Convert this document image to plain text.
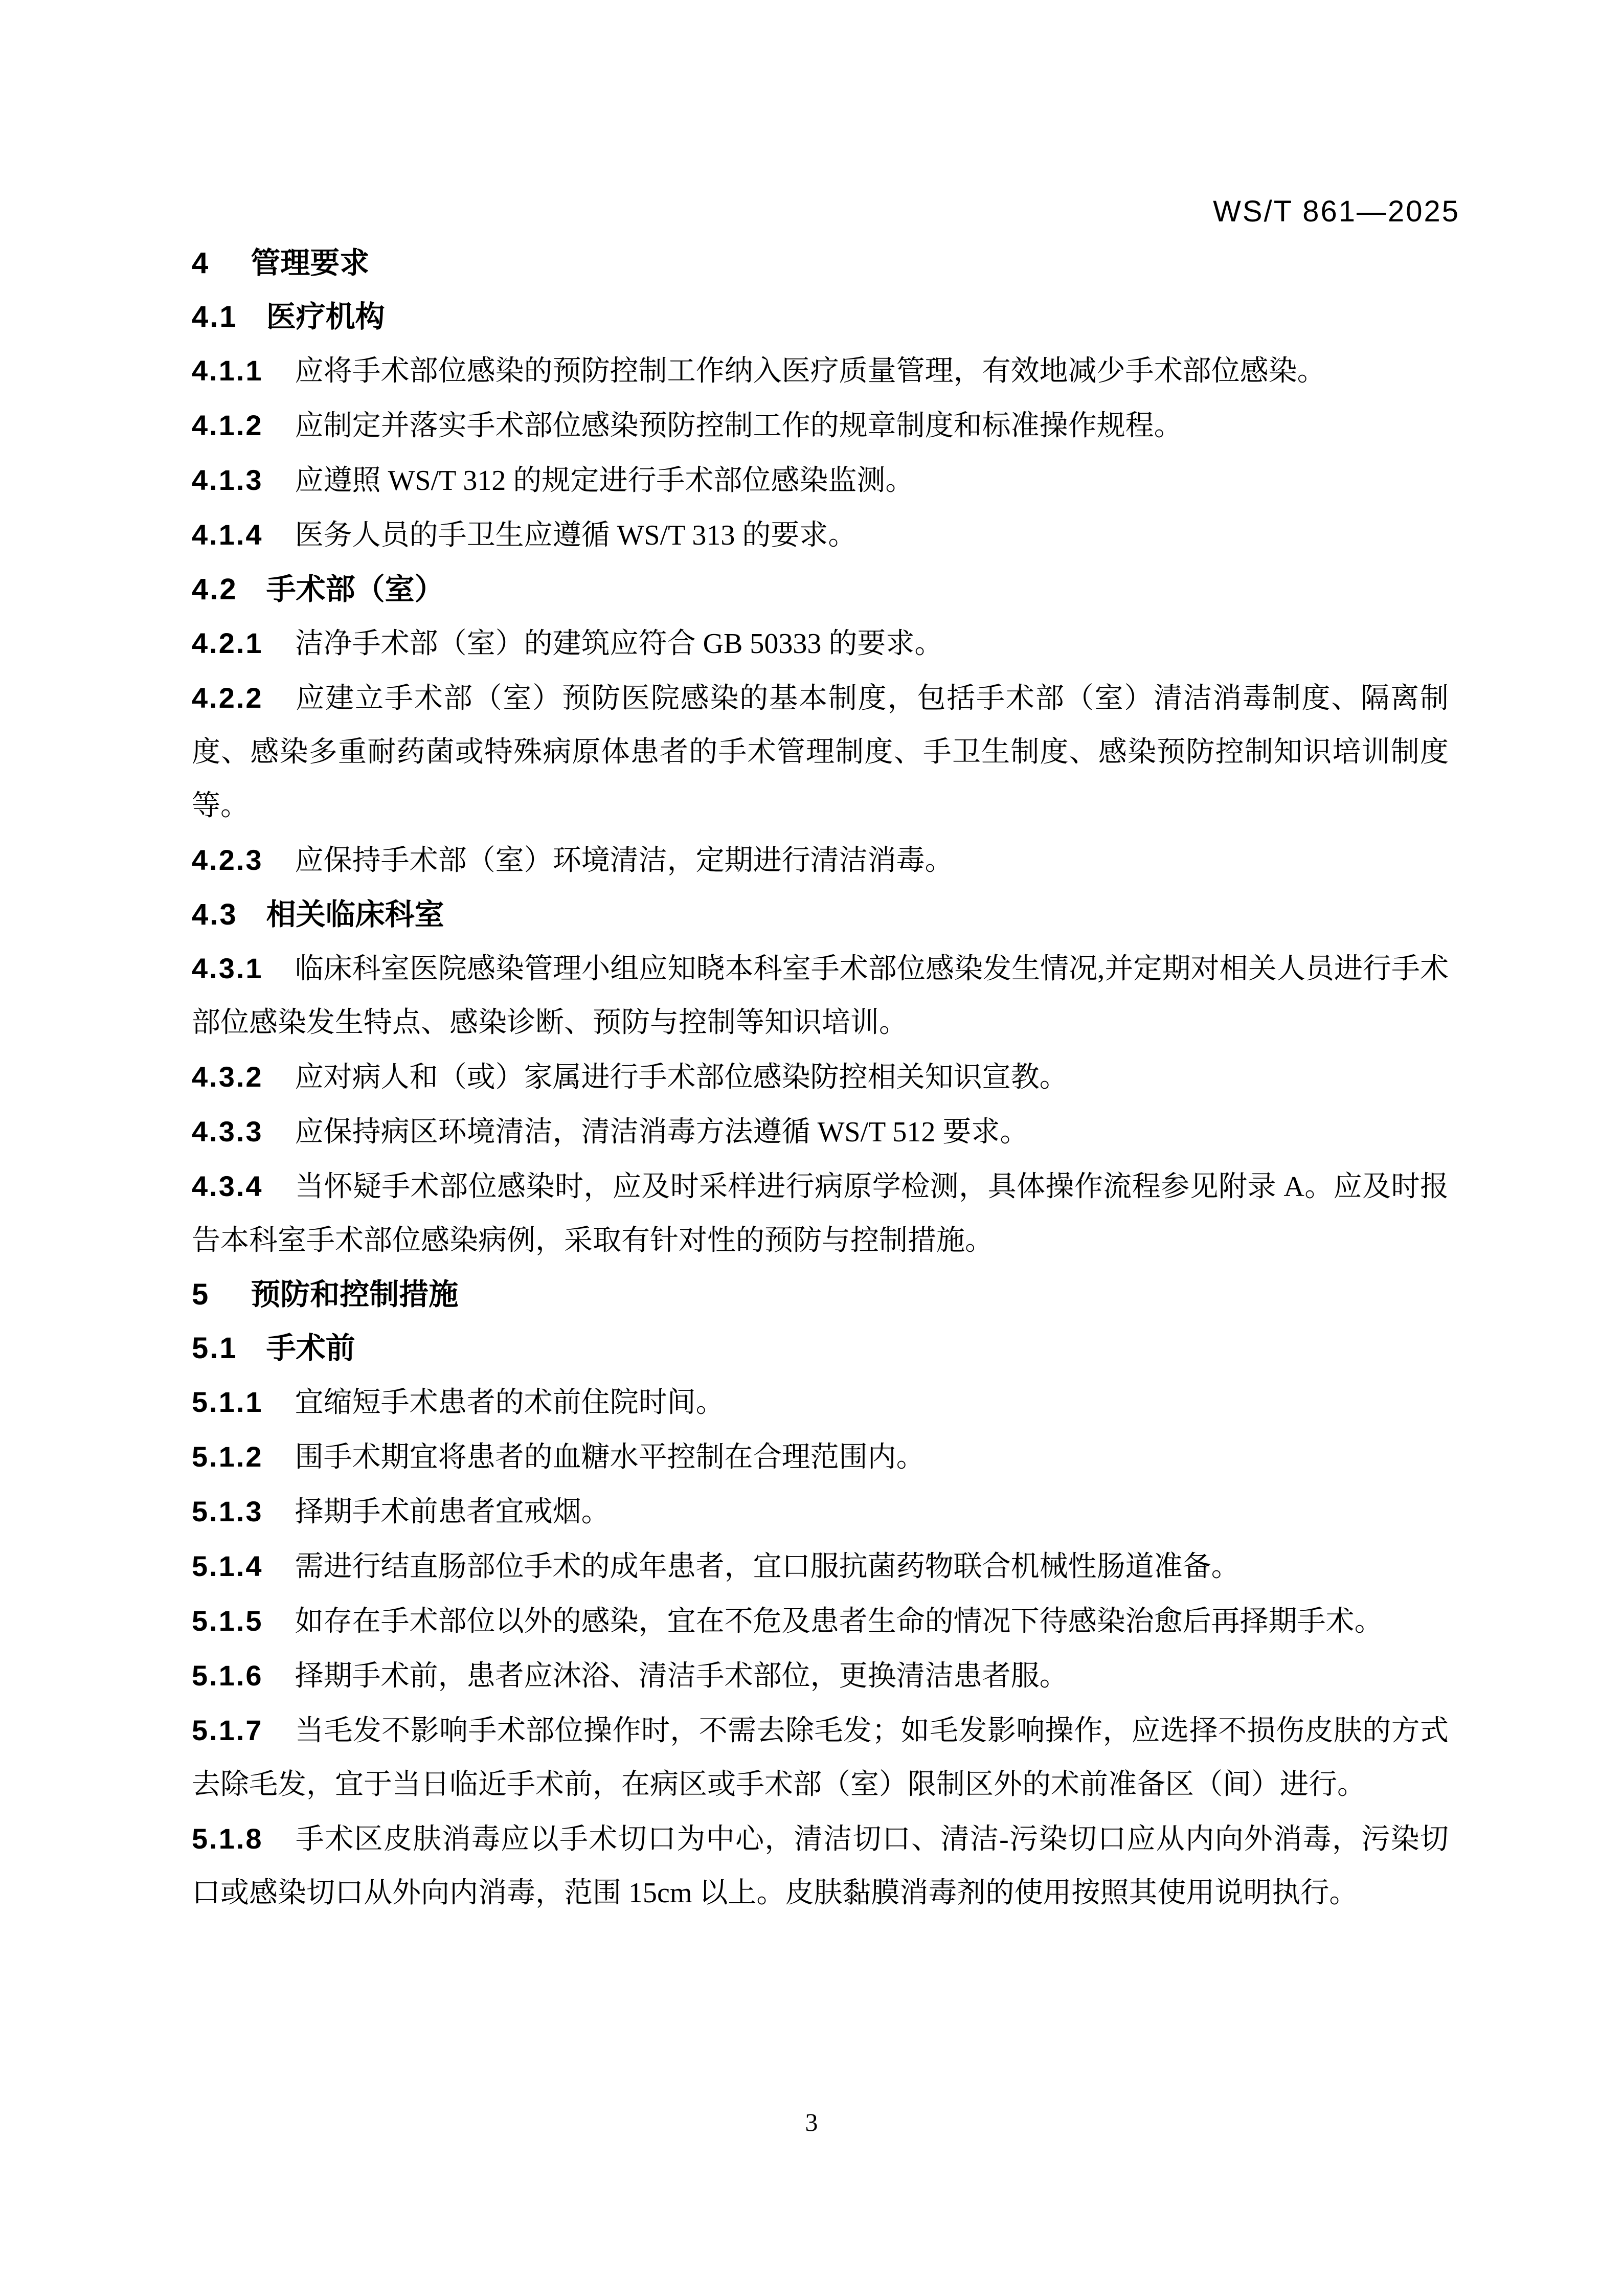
WS/T 861—2025
4 管理要求
4.1 医疗机构

4.1.1 应将手术部位感染的预防控制工作纳入医疗质量管理，有效地减少手术部位感染。

4.1.2 应制定并落实手术部位感染预防控制工作的规章制度和标准操作规程。

4.1.3 应遵照 WS/T 312 的规定进行手术部位感染监测。

4.1.4 医务人员的手卫生应遵循 WS/T 313 的要求。

4.2 手术部（室）

4.2.1 洁净手术部（室）的建筑应符合 GB 50333 的要求。

4.2.2 应建立手术部（室）预防医院感染的基本制度，包括手术部（室）清洁消毒制度、隔离制度、感染多重耐药菌或特殊病原体患者的手术管理制度、手卫生制度、感染预防控制知识培训制度等。

4.2.3 应保持手术部（室）环境清洁，定期进行清洁消毒。

4.3 相关临床科室

4.3.1 临床科室医院感染管理小组应知晓本科室手术部位感染发生情况,并定期对相关人员进行手术部位感染发生特点、感染诊断、预防与控制等知识培训。

4.3.2 应对病人和（或）家属进行手术部位感染防控相关知识宣教。

4.3.3 应保持病区环境清洁，清洁消毒方法遵循 WS/T 512 要求。

4.3.4 当怀疑手术部位感染时，应及时采样进行病原学检测，具体操作流程参见附录 A。应及时报告本科室手术部位感染病例，采取有针对性的预防与控制措施。

5 预防和控制措施
5.1 手术前

5.1.1 宜缩短手术患者的术前住院时间。

5.1.2 围手术期宜将患者的血糖水平控制在合理范围内。

5.1.3 择期手术前患者宜戒烟。

5.1.4 需进行结直肠部位手术的成年患者，宜口服抗菌药物联合机械性肠道准备。

5.1.5 如存在手术部位以外的感染，宜在不危及患者生命的情况下待感染治愈后再择期手术。

5.1.6 择期手术前，患者应沐浴、清洁手术部位，更换清洁患者服。

5.1.7 当毛发不影响手术部位操作时，不需去除毛发；如毛发影响操作，应选择不损伤皮肤的方式去除毛发，宜于当日临近手术前，在病区或手术部（室）限制区外的术前准备区（间）进行。

5.1.8 手术区皮肤消毒应以手术切口为中心，清洁切口、清洁-污染切口应从内向外消毒，污染切口或感染切口从外向内消毒，范围 15cm 以上。皮肤黏膜消毒剂的使用按照其使用说明执行。

3
